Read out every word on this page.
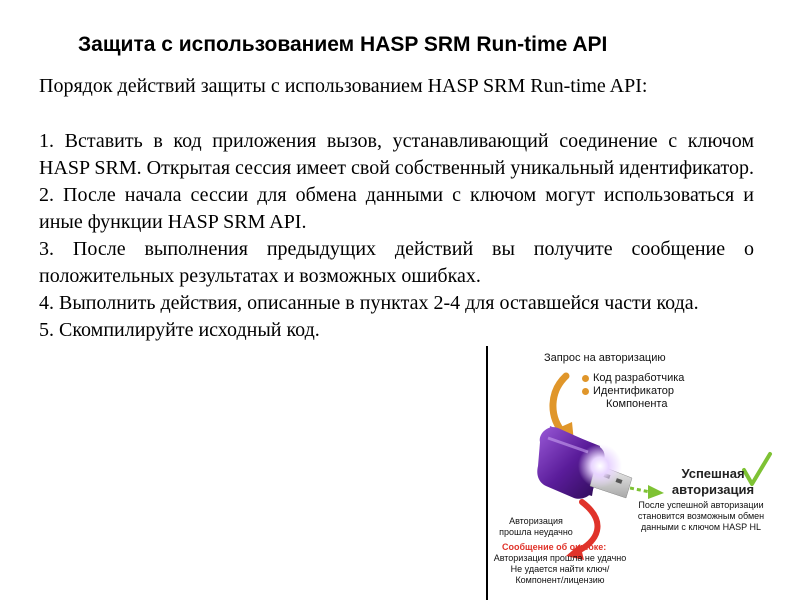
Защита с использованием HASP SRM Run-time API
Порядок действий защиты с использованием HASP SRM Run-time API:

1. Вставить в код приложения вызов, устанавливающий соединение с ключом HASP SRM. Открытая сессия имеет свой собственный уникальный идентификатор.

2. После начала сессии для обмена данными с ключом могут использоваться и иные функции HASP SRM API.

3. После выполнения предыдущих действий вы получите сообщение о положительных результатах и возможных ошибках.

4. Выполнить действия, описанные в пунктах 2-4 для оставшейся части кода.

5. Скомпилируйте исходный код.

Запрос на авторизацию
Код разработчика
Идентификатор
Компонента
Успешная авторизация
После успешной авторизации становится возможным обмен данными с ключом HASP HL
Авторизация прошла неудачно
Сообщение об ошибке:
Авторизация прошла не удачно Не удается найти ключ/Компонент/лицензию
